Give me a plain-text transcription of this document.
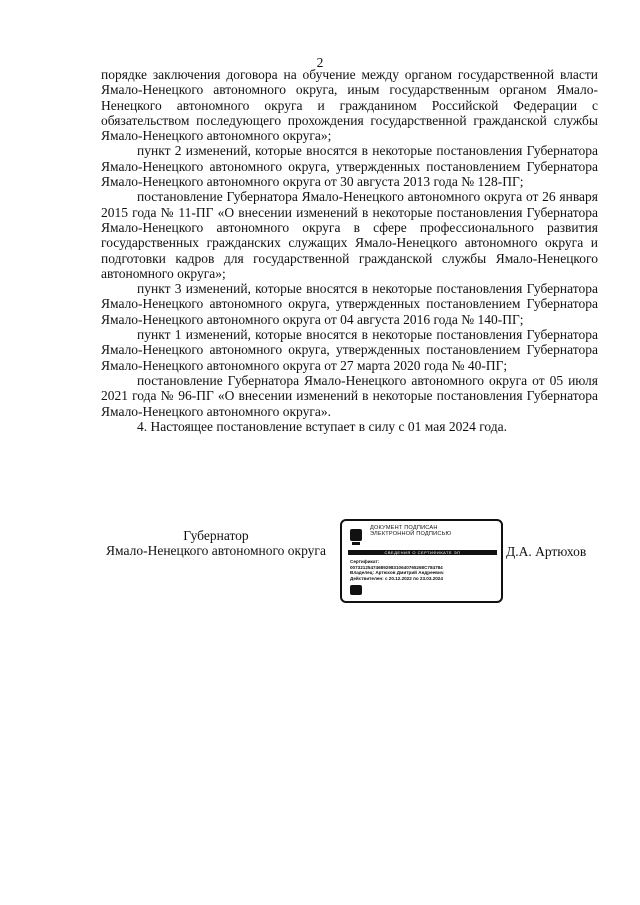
2

порядке заключения договора на обучение между органом государственной власти Ямало-Ненецкого автономного округа, иным государственным органом Ямало-Ненецкого автономного округа и гражданином Российской Федерации с обязательством последующего прохождения государственной гражданской службы Ямало-Ненецкого автономного округа»;

пункт 2 изменений, которые вносятся в некоторые постановления Губернатора Ямало-Ненецкого автономного округа, утвержденных постановлением Губернатора Ямало-Ненецкого автономного округа от 30 августа 2013 года № 128-ПГ;

постановление Губернатора Ямало-Ненецкого автономного округа от 26 января 2015 года № 11-ПГ «О внесении изменений в некоторые постановления Губернатора Ямало-Ненецкого автономного округа в сфере профессионального развития государственных гражданских служащих Ямало-Ненецкого автономного округа и подготовки кадров для государственной гражданской службы Ямало-Ненецкого автономного округа»;

пункт 3 изменений, которые вносятся в некоторые постановления Губернатора Ямало-Ненецкого автономного округа, утвержденных постановлением Губернатора Ямало-Ненецкого автономного округа от 04 августа 2016 года № 140-ПГ;

пункт 1 изменений, которые вносятся в некоторые постановления Губернатора Ямало-Ненецкого автономного округа, утвержденных постановлением Губернатора Ямало-Ненецкого автономного округа от 27 марта 2020 года № 40-ПГ;

постановление Губернатора Ямало-Ненецкого автономного округа от 05 июля 2021 года № 96-ПГ «О внесении изменений в некоторые постановления Губернатора Ямало-Ненецкого автономного округа».

4. Настоящее постановление вступает в силу с 01 мая 2024 года.

Губернатор
Ямало-Ненецкого автономного округа
ДОКУМЕНТ ПОДПИСАН
ЭЛЕКТРОННОЙ ПОДПИСЬЮ
СВЕДЕНИЯ О СЕРТИФИКАТЕ ЭП
Сертификат:
00732125474689298310640765268C784784
Владелец: Артюхов Дмитрий Андреевич
Действителен: с 20.12.2022 по 23.03.2024
Д.А. Артюхов
